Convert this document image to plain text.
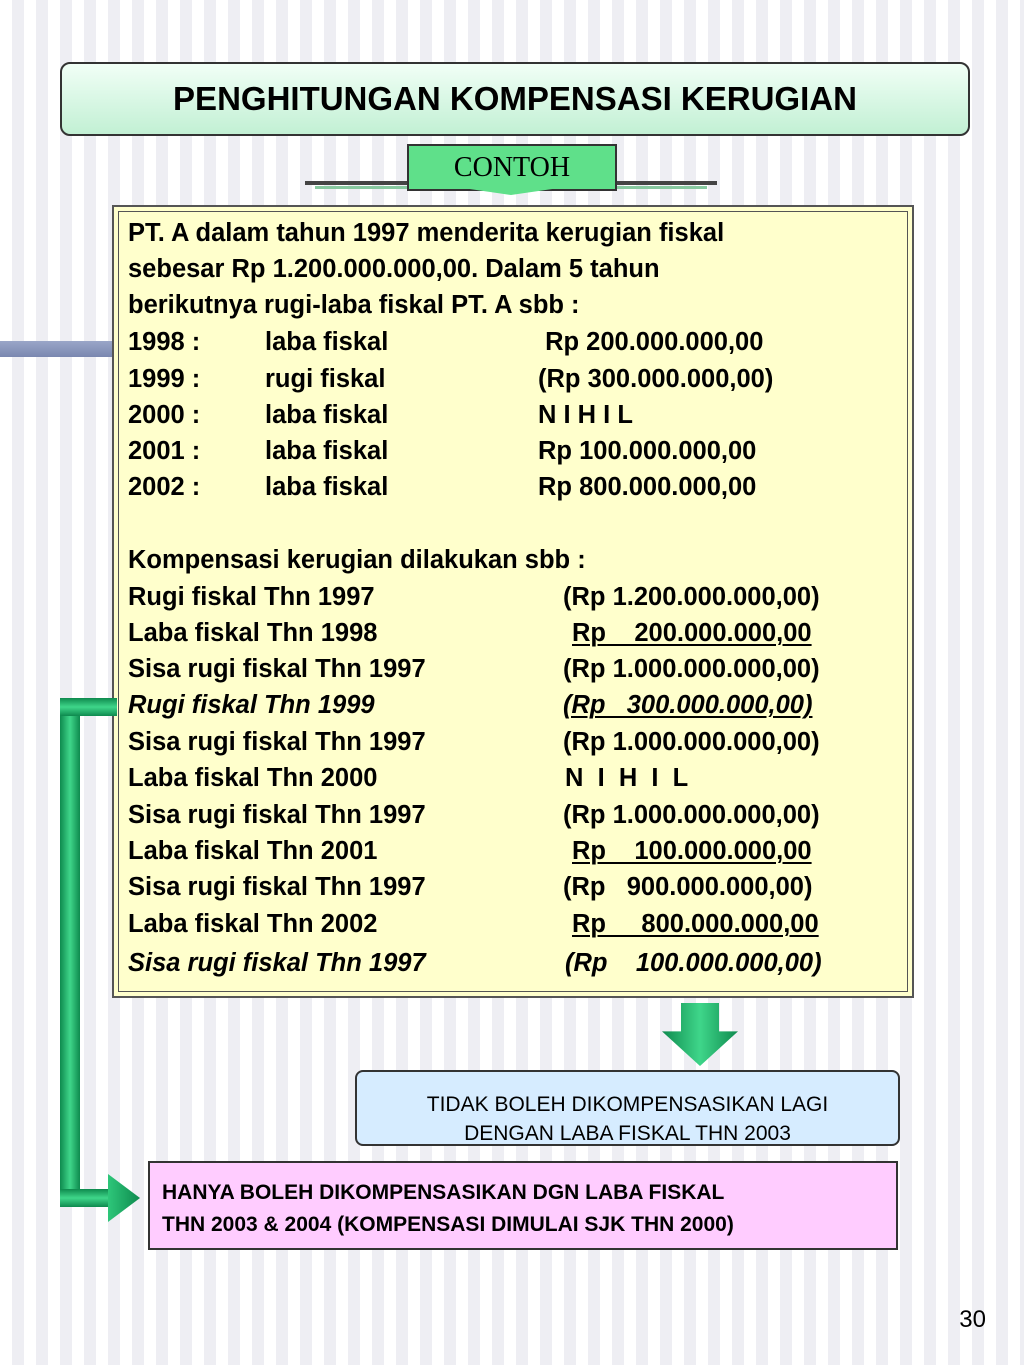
PENGHITUNGAN KOMPENSASI KERUGIAN
CONTOH
PT. A dalam tahun 1997 menderita kerugian fiskal
sebesar Rp 1.200.000.000,00. Dalam 5 tahun
berikutnya rugi-laba fiskal PT. A sbb :
1998 :	laba fiskal	Rp 200.000.000,00
1999 :	rugi fiskal	(Rp 300.000.000,00)
2000 :	laba fiskal	N I H I L
2001 :	laba fiskal	Rp 100.000.000,00
2002 :	laba fiskal	Rp 800.000.000,00
Kompensasi kerugian dilakukan sbb :
Rugi fiskal Thn 1997	(Rp 1.200.000.000,00)
Laba fiskal Thn 1998	Rp    200.000.000,00
Sisa rugi fiskal Thn 1997	(Rp 1.000.000.000,00)
Rugi fiskal Thn 1999	(Rp   300.000.000,00)
Sisa rugi fiskal Thn 1997	(Rp 1.000.000.000,00)
Laba fiskal Thn 2000	N  I  H  I  L
Sisa rugi fiskal Thn 1997	(Rp 1.000.000.000,00)
Laba fiskal Thn 2001	Rp    100.000.000,00
Sisa rugi fiskal Thn 1997	(Rp   900.000.000,00)
Laba fiskal Thn 2002	Rp     800.000.000,00
Sisa rugi fiskal Thn 1997	(Rp    100.000.000,00)
TIDAK BOLEH DIKOMPENSASIKAN LAGI
DENGAN LABA FISKAL THN 2003
HANYA BOLEH DIKOMPENSASIKAN DGN LABA FISKAL
THN 2003 & 2004 (KOMPENSASI DIMULAI SJK THN 2000)
30
